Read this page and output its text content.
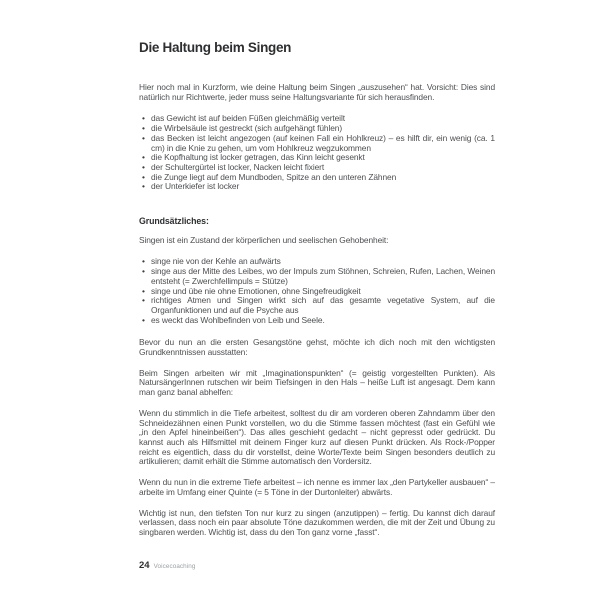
Die Haltung beim Singen

Hier noch mal in Kurzform, wie deine Haltung beim Singen „auszusehen“ hat. Vorsicht: Dies sind natürlich nur Richtwerte, jeder muss seine Haltungsvariante für sich herausfinden.

• das Gewicht ist auf beiden Füßen gleichmäßig verteilt
• die Wirbelsäule ist gestreckt (sich aufgehängt fühlen)
• das Becken ist leicht angezogen (auf keinen Fall ein Hohlkreuz) – es hilft dir, ein wenig (ca. 1 cm) in die Knie zu gehen, um vom Hohlkreuz wegzukommen
• die Kopfhaltung ist locker getragen, das Kinn leicht gesenkt
• der Schultergürtel ist locker, Nacken leicht fixiert
• die Zunge liegt auf dem Mundboden, Spitze an den unteren Zähnen
• der Unterkiefer ist locker
Grundsätzliches:

Singen ist ein Zustand der körperlichen und seelischen Gehobenheit:

• singe nie von der Kehle an aufwärts
• singe aus der Mitte des Leibes, wo der Impuls zum Stöhnen, Schreien, Rufen, Lachen, Weinen entsteht (= Zwerchfellimpuls = Stütze)
• singe und übe nie ohne Emotionen, ohne Singefreudigkeit
• richtiges Atmen und Singen wirkt sich auf das gesamte vegetative System, auf die Organfunktionen und auf die Psyche aus
• es weckt das Wohlbefinden von Leib und Seele.

Bevor du nun an die ersten Gesangstöne gehst, möchte ich dich noch mit den wichtigsten Grundkenntnissen ausstatten:

Beim Singen arbeiten wir mit „Imaginationspunkten“ (= geistig vorgestellten Punkten). Als NatursängerInnen rutschen wir beim Tiefsingen in den Hals – heiße Luft ist angesagt. Dem kann man ganz banal abhelfen:

Wenn du stimmlich in die Tiefe arbeitest, solltest du dir am vorderen oberen Zahndamm über den Schneidezähnen einen Punkt vorstellen, wo du die Stimme fassen möchtest (fast ein Gefühl wie „in den Apfel hineinbeißen“). Das alles geschieht gedacht – nicht gepresst oder gedrückt. Du kannst auch als Hilfsmittel mit deinem Finger kurz auf diesen Punkt drücken. Als Rock-/Popper reicht es eigentlich, dass du dir vorstellst, deine Worte/Texte beim Singen besonders deutlich zu artikulieren; damit erhält die Stimme automatisch den Vordersitz.

Wenn du nun in die extreme Tiefe arbeitest – ich nenne es immer lax „den Partykeller ausbauen“ – arbeite im Umfang einer Quinte (= 5 Töne in der Durtonleiter) abwärts.

Wichtig ist nun, den tiefsten Ton nur kurz zu singen (anzutippen) – fertig. Du kannst dich darauf verlassen, dass noch ein paar absolute Töne dazukommen werden, die mit der Zeit und Übung zu singbaren werden. Wichtig ist, dass du den Ton ganz vorne „fasst“.

24 Voicecoaching
